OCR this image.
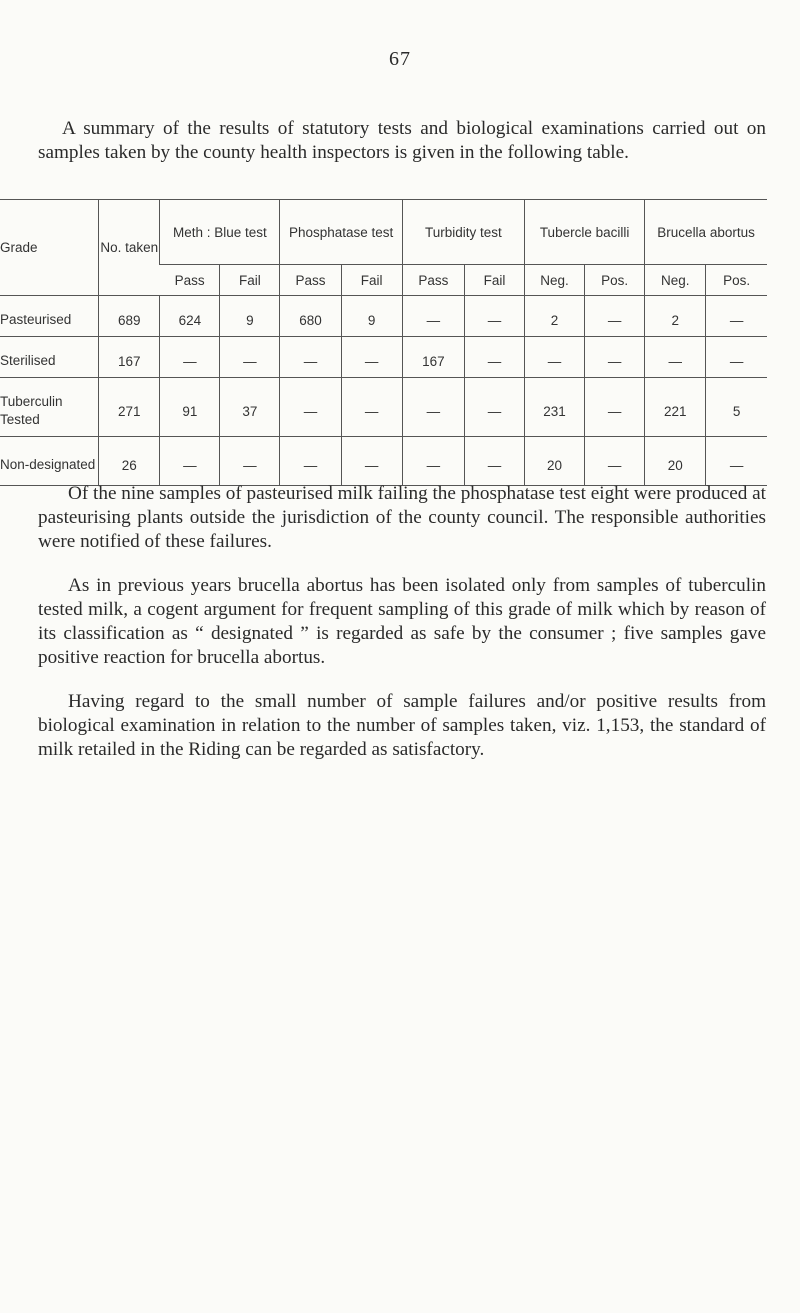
67

A summary of the results of statutory tests and biological examinations carried out on samples taken by the county health inspectors is given in the following table.

Grade	No. taken	Meth : Blue test		Phosphatase test		Turbidity test		Tubercle bacilli		Brucella abortus	
		Pass	Fail	Pass	Fail	Pass	Fail	Neg.	Pos.	Neg.	Pos.
Pasteurised	689	624	9	680	9	—	—	2	—	2	—
Sterilised	167	—	—	—	—	167	—	—	—	—	—
Tuberculin Tested	271	91	37	—	—	—	—	231	—	221	5
Non-designated	26	—	—	—	—	—	—	20	—	20	—

Of the nine samples of pasteurised milk failing the phosphatase test eight were produced at pasteurising plants outside the jurisdiction of the county council. The responsible authorities were notified of these failures.

As in previous years brucella abortus has been isolated only from samples of tuberculin tested milk, a cogent argument for frequent sampling of this grade of milk which by reason of its classification as “ designated ” is regarded as safe by the consumer ; five samples gave positive reaction for brucella abortus.

Having regard to the small number of sample failures and/or positive results from biological examination in relation to the number of samples taken, viz. 1,153, the standard of milk retailed in the Riding can be regarded as satisfactory.
